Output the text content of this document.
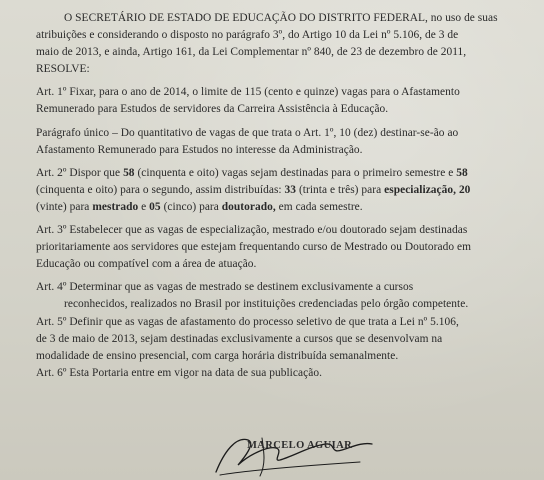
O SECRETÁRIO DE ESTADO DE EDUCAÇÃO DO DISTRITO FEDERAL, no uso de suas

atribuições e considerando o disposto no parágrafo 3º, do Artigo 10 da Lei nº 5.106, de 3 de

maio de 2013, e ainda, Artigo 161, da Lei Complementar nº 840, de 23 de dezembro de 2011,

RESOLVE:

Art. 1º Fixar, para o ano de 2014, o limite de 115 (cento e quinze) vagas para o Afastamento

Remunerado para Estudos de servidores da Carreira Assistência à Educação.

Parágrafo único – Do quantitativo de vagas de que trata o Art. 1º, 10 (dez) destinar-se-ão ao

Afastamento Remunerado para Estudos no interesse da Administração.

Art. 2º Dispor que 58 (cinquenta e oito) vagas sejam destinadas para o primeiro semestre e 58

(cinquenta e oito) para o segundo, assim distribuídas: 33 (trinta e três) para especialização, 20

(vinte) para mestrado e 05 (cinco) para doutorado, em cada semestre.

Art. 3º Estabelecer que as vagas de especialização, mestrado e/ou doutorado sejam destinadas

prioritariamente aos servidores que estejam frequentando curso de Mestrado ou Doutorado em

Educação ou compatível com a área de atuação.

Art. 4º Determinar que as vagas de mestrado se destinem exclusivamente a cursos

reconhecidos, realizados no Brasil por instituições credenciadas pelo órgão competente.

Art. 5º Definir que as vagas de afastamento do processo seletivo de que trata a Lei nº 5.106,

de 3 de maio de 2013, sejam destinadas exclusivamente a cursos que se desenvolvam na

modalidade de ensino presencial, com carga horária distribuída semanalmente.

Art. 6º Esta Portaria entre em vigor na data de sua publicação.

MARCELO AGUIAR
